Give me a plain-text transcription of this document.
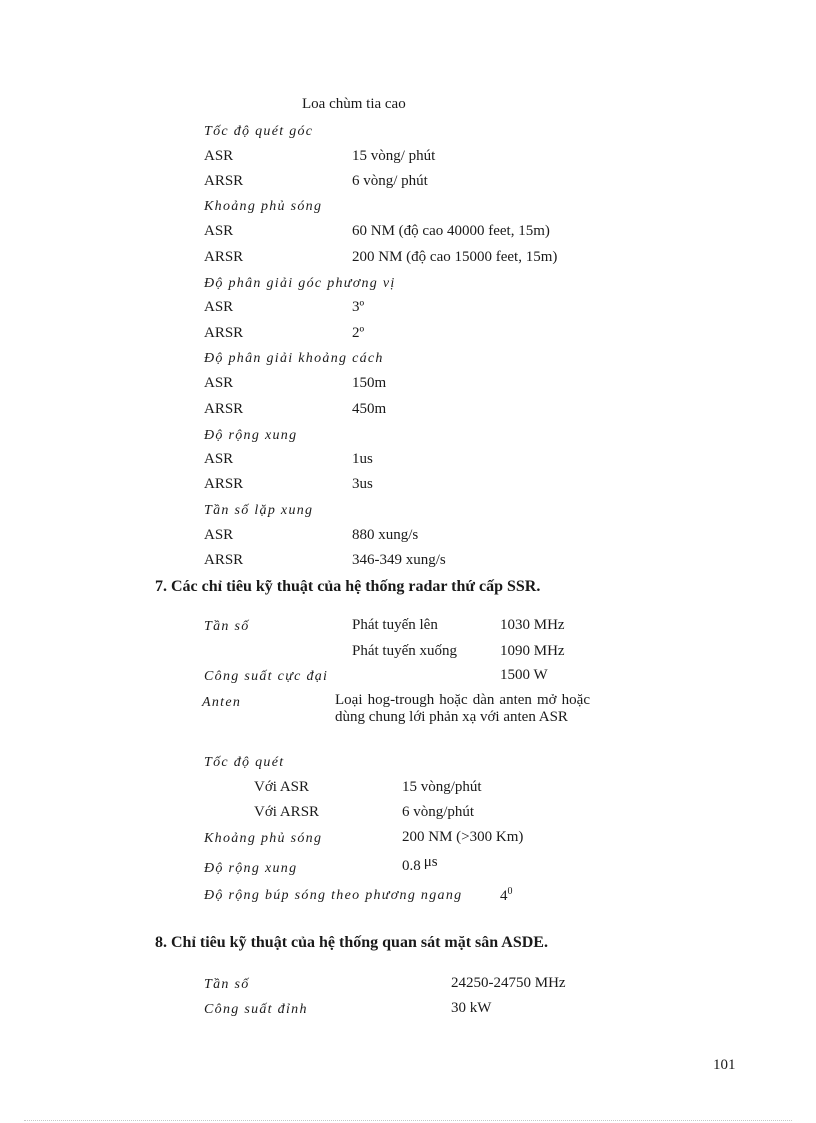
Loa chùm tia cao
Tốc độ quét góc
ASR	15 vòng/ phút
ARSR	6 vòng/ phút
Khoảng phủ sóng
ASR	60 NM (độ cao 40000 feet, 15m)
ARSR	200 NM (độ cao 15000 feet, 15m)
Độ phân giải góc phương vị
ASR	3º
ARSR	2º
Độ phân giải khoảng cách
ASR	150m
ARSR	450m
Độ rộng xung
ASR	1us
ARSR	3us
Tần số lặp xung
ASR	880 xung/s
ARSR	346-349 xung/s
7. Các chỉ tiêu kỹ thuật của hệ thống radar thứ cấp SSR.
Tần số	Phát tuyến lên	1030 MHz
Phát tuyến xuống	1090 MHz
Công suất cực đại	1500 W
Anten	Loại hog-trough hoặc dàn anten mở hoặc dùng chung lới phản xạ với anten ASR
Tốc độ quét
Với ASR	15 vòng/phút
Với ARSR	6 vòng/phút
Khoảng phủ sóng	200 NM (>300 Km)
Độ rộng xung	0.8 μs
Độ rộng búp sóng theo phương ngang	$4^0$
8. Chỉ tiêu kỹ thuật của hệ thống quan sát mặt sân ASDE.
Tần số	24250-24750 MHz
Công suất đỉnh	30 kW
101
